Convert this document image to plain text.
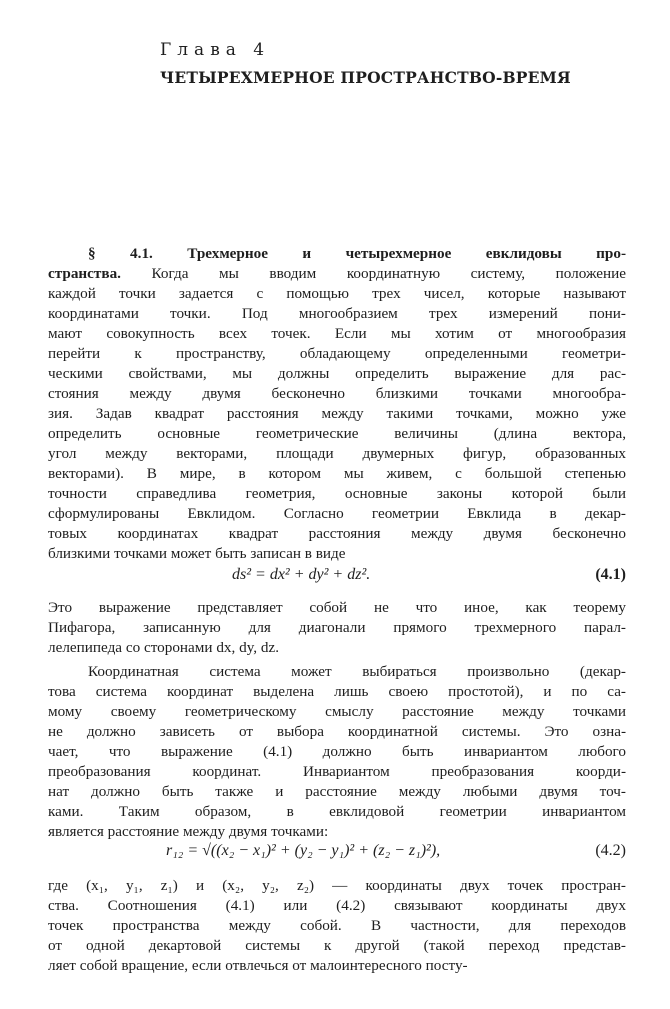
Глава 4
ЧЕТЫРЕХМЕРНОЕ ПРОСТРАНСТВО-ВРЕМЯ
§ 4.1. Трехмерное и четырехмерное евклидовы про-
странства. Когда мы вводим координатную систему, положение
каждой точки задается с помощью трех чисел, которые называют
координатами точки. Под многообразием трех измерений пони-
мают совокупность всех точек. Если мы хотим от многообразия
перейти к пространству, обладающему определенными геометри-
ческими свойствами, мы должны определить выражение для рас-
стояния между двумя бесконечно близкими точками многообра-
зия. Задав квадрат расстояния между такими точками, можно уже
определить основные геометрические величины (длина вектора,
угол между векторами, площади двумерных фигур, образованных
векторами). В мире, в котором мы живем, с большой степенью
точности справедлива геометрия, основные законы которой были
сформулированы Евклидом. Согласно геометрии Евклида в декар-
товых координатах квадрат расстояния между двумя бесконечно
близкими точками может быть записан в виде
ds² = dx² + dy² + dz².	(4.1)
Это выражение представляет собой не что иное, как теорему
Пифагора, записанную для диагонали прямого трехмерного парал-
лелепипеда со сторонами dx, dy, dz.
Координатная система может выбираться произвольно (декар-
това система координат выделена лишь своею простотой), и по са-
мому своему геометрическому смыслу расстояние между точками
не должно зависеть от выбора координатной системы. Это озна-
чает, что выражение (4.1) должно быть инвариантом любого
преобразования координат. Инвариантом преобразования коорди-
нат должно быть также и расстояние между любыми двумя точ-
ками. Таким образом, в евклидовой геометрии инвариантом
является расстояние между двумя точками:
r₁₂ = √((x₂ − x₁)² + (y₂ − y₁)² + (z₂ − z₁)²),	(4.2)
где (x₁, y₁, z₁) и (x₂, y₂, z₂) — координаты двух точек простран-
ства. Соотношения (4.1) или (4.2) связывают координаты двух
точек пространства между собой. В частности, для переходов
от одной декартовой системы к другой (такой переход представ-
ляет собой вращение, если отвлечься от малоинтересного посту-
